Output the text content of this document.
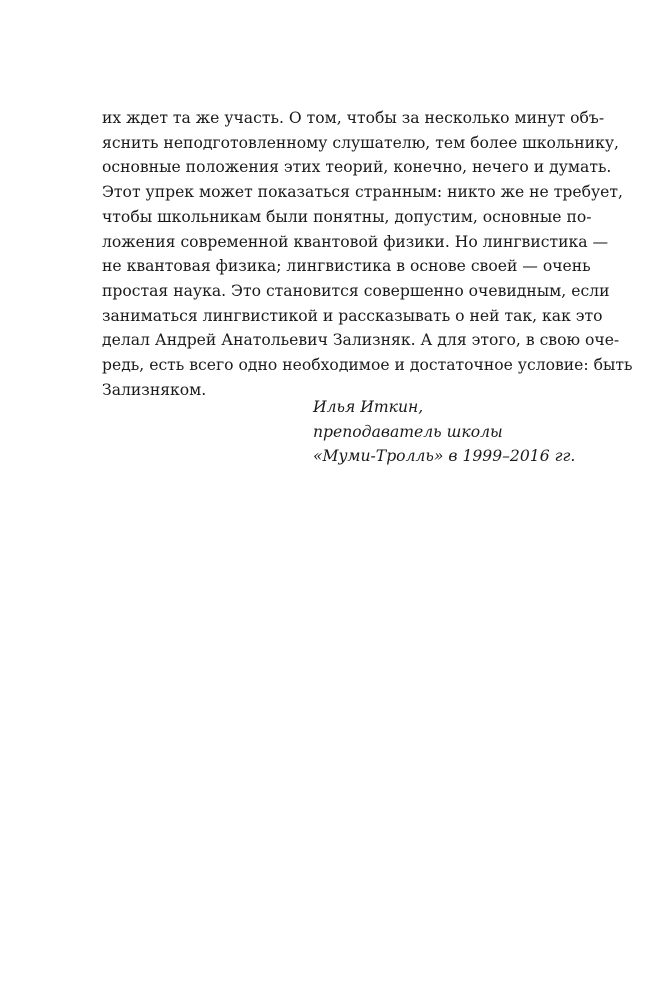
их ждет та же участь. О том, чтобы за несколько минут объ-
яснить неподготовленному слушателю, тем более школьнику,
основные положения этих теорий, конечно, нечего и думать.
Этот упрек может показаться странным: никто же не требует,
чтобы школьникам были понятны, допустим, основные по-
ложения современной квантовой физики. Но лингвистика —
не квантовая физика; лингвистика в основе своей — очень
простая наука. Это становится совершенно очевидным, если
заниматься лингвистикой и рассказывать о ней так, как это
делал Андрей Анатольевич Зализняк. А для этого, в свою оче-
редь, есть всего одно необходимое и достаточное условие: быть
Зализняком.
Илья Иткин,
преподаватель школы
«Муми-Тролль» в 1999–2016 гг.
